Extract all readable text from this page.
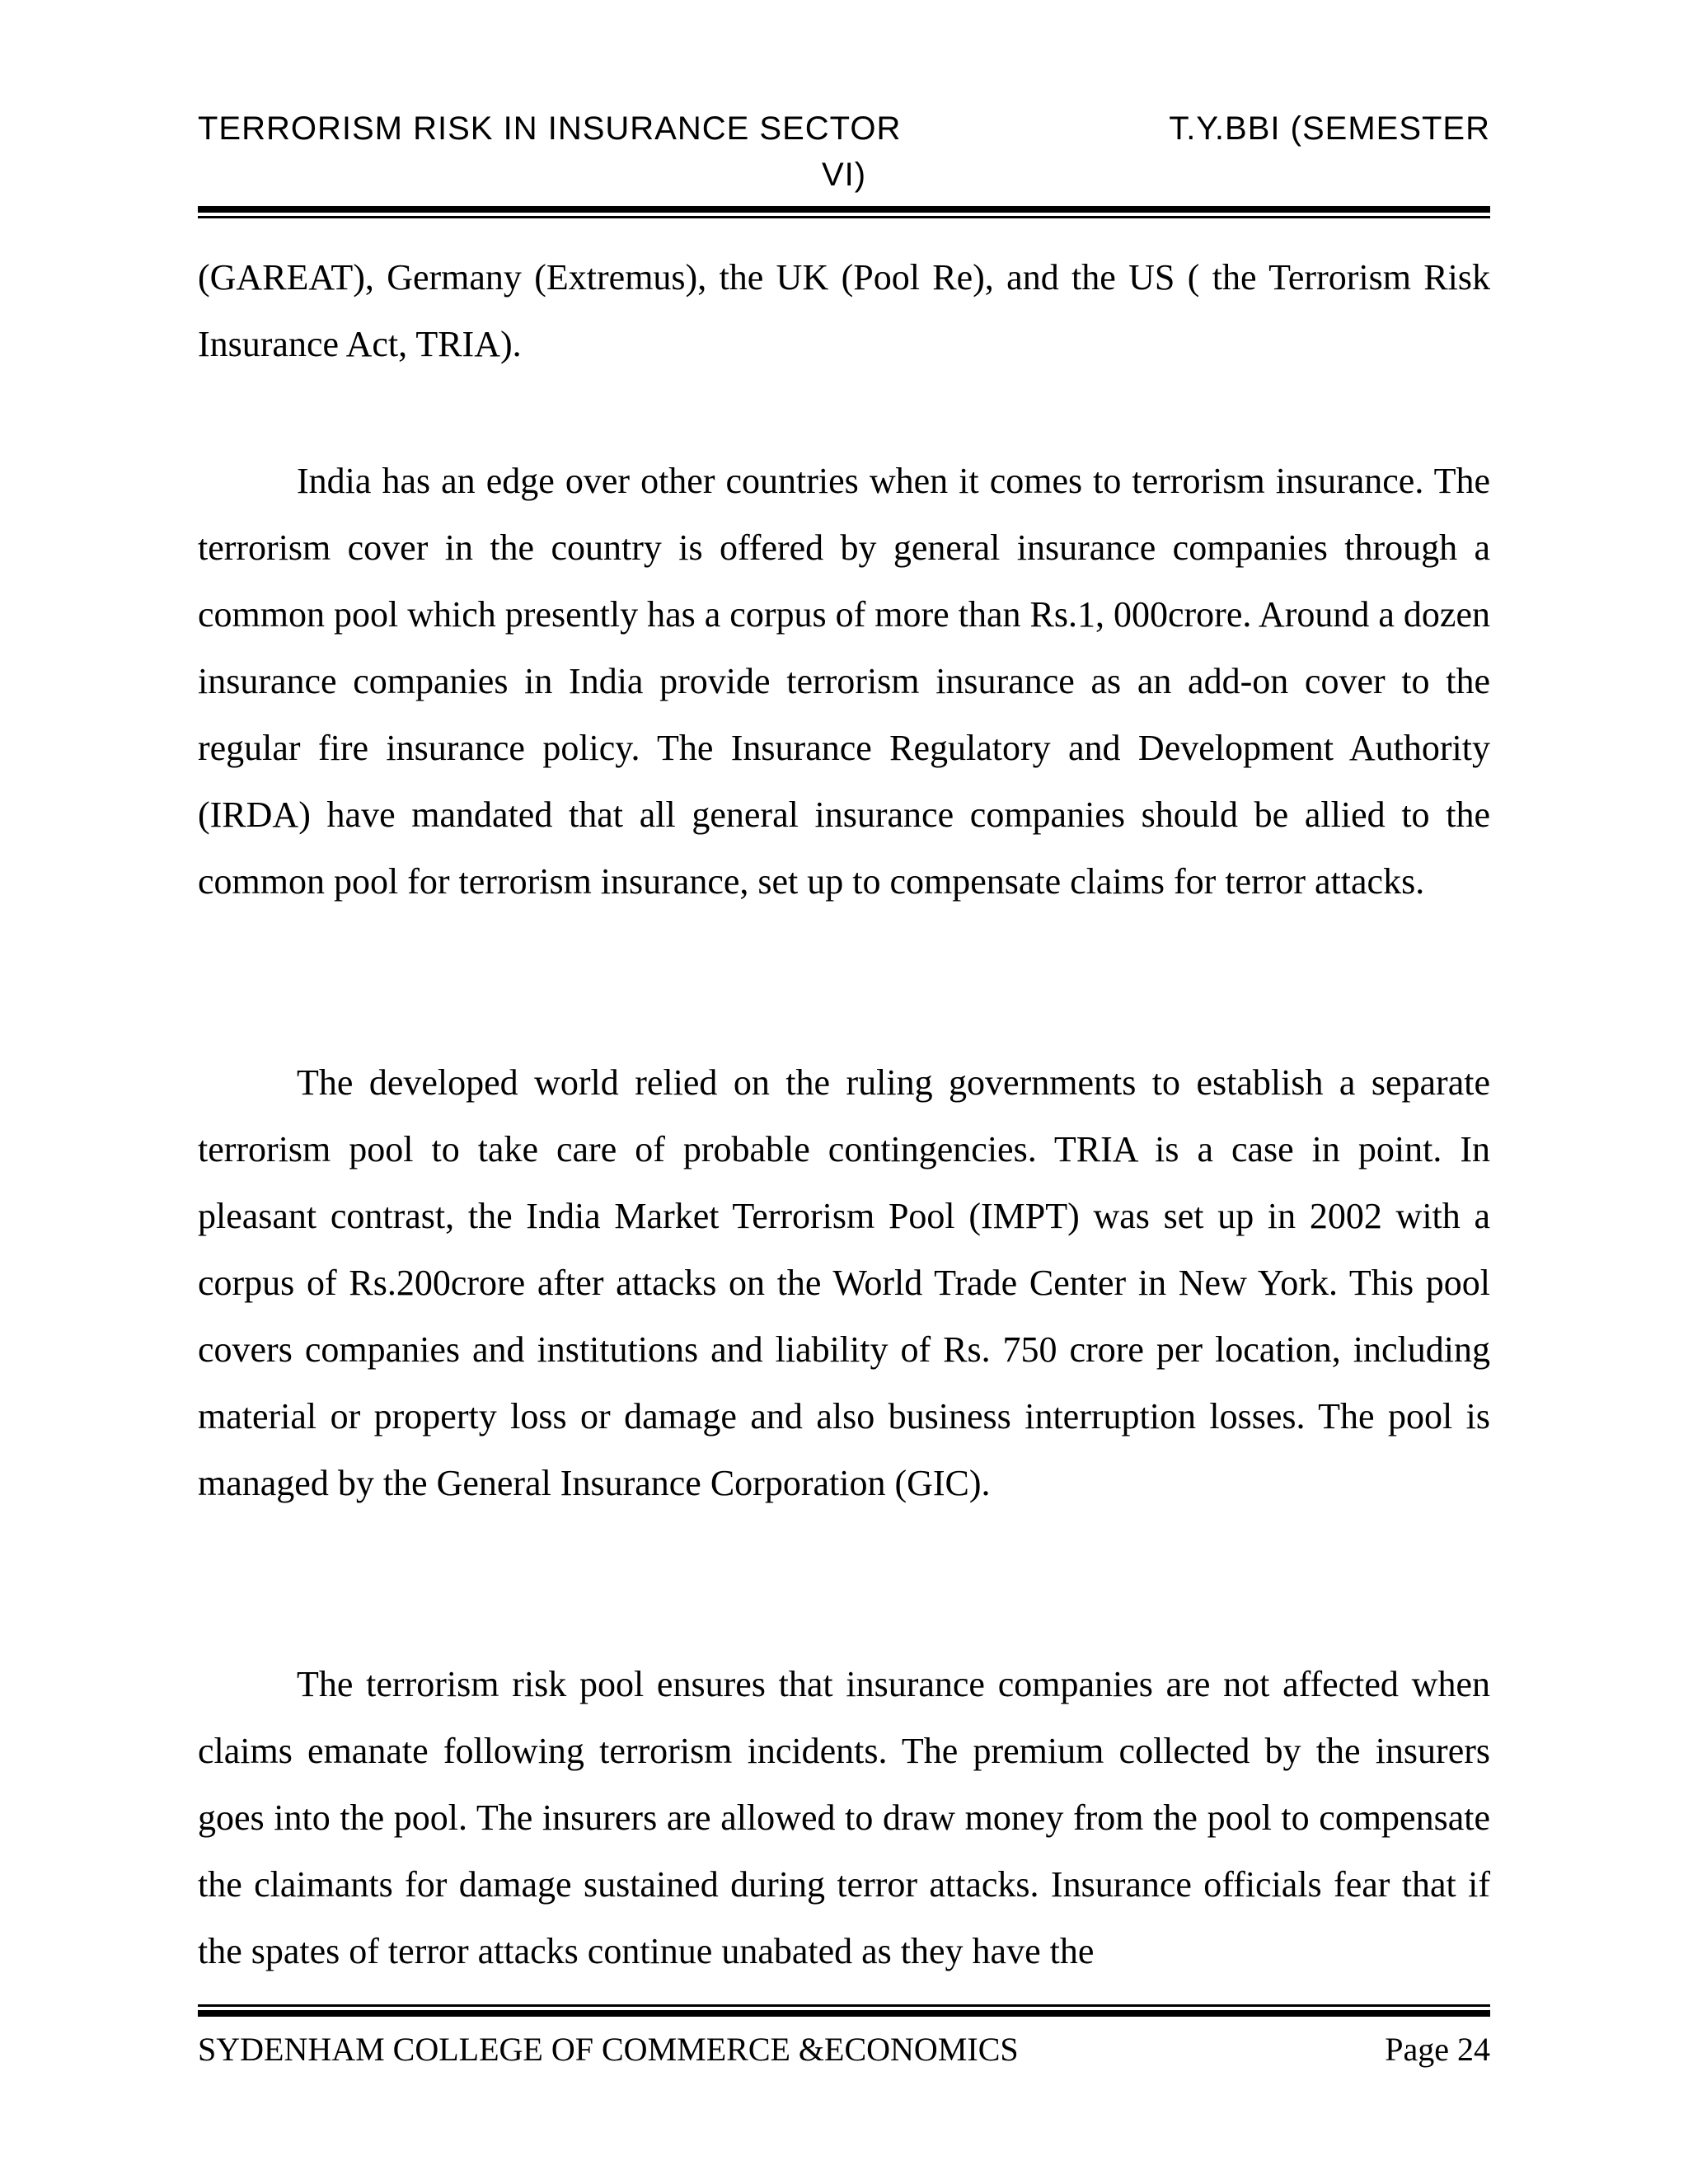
TERRORISM RISK IN INSURANCE SECTOR	T.Y.BBI (SEMESTER
VI)

(GAREAT), Germany (Extremus), the UK (Pool Re), and the US ( the Terrorism Risk Insurance Act, TRIA).

India has an edge over other countries when it comes to terrorism insurance. The terrorism cover in the country is offered by general insurance companies through a common pool which presently has a corpus of more than Rs.1, 000crore. Around a dozen insurance companies in India provide terrorism insurance as an add-on cover to the regular fire insurance policy. The Insurance Regulatory and Development Authority (IRDA) have mandated that all general insurance companies should be allied to the common pool for terrorism insurance, set up to compensate claims for terror attacks.

The developed world relied on the ruling governments to establish a separate terrorism pool to take care of probable contingencies. TRIA is a case in point. In pleasant contrast, the India Market Terrorism Pool (IMPT) was set up in 2002 with a corpus of Rs.200crore after attacks on the World Trade Center in New York. This pool covers companies and institutions and liability of Rs. 750 crore per location, including material or property loss or damage and also business interruption losses. The pool is managed by the General Insurance Corporation (GIC).

The terrorism risk pool ensures that insurance companies are not affected when claims emanate following terrorism incidents. The premium collected by the insurers goes into the pool. The insurers are allowed to draw money from the pool to compensate the claimants for damage sustained during terror attacks. Insurance officials fear that if the spates of terror attacks continue unabated as they have the

SYDENHAM COLLEGE OF COMMERCE &ECONOMICS	Page 24
